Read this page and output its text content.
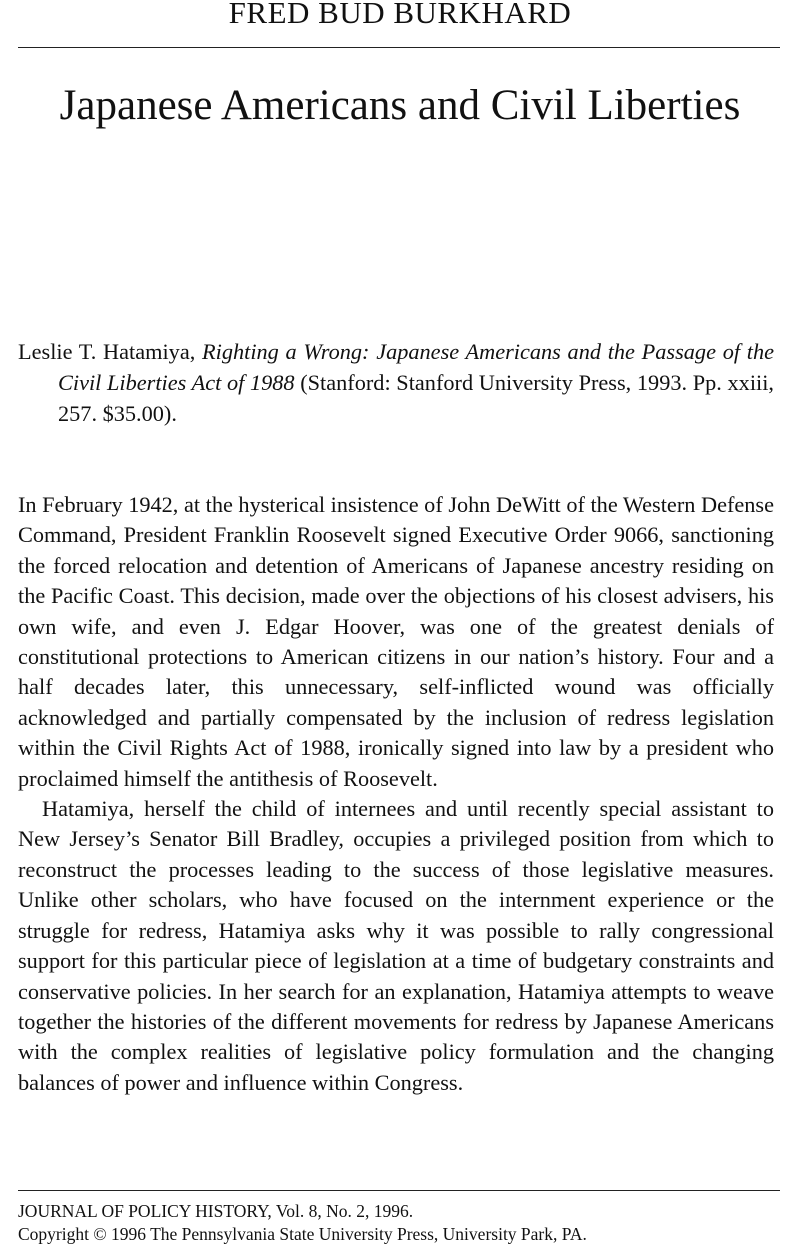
FRED BUD BURKHARD
Japanese Americans and Civil Liberties
Leslie T. Hatamiya, Righting a Wrong: Japanese Americans and the Passage of the Civil Liberties Act of 1988 (Stanford: Stanford University Press, 1993. Pp. xxiii, 257. $35.00).

In February 1942, at the hysterical insistence of John DeWitt of the Western Defense Command, President Franklin Roosevelt signed Executive Order 9066, sanctioning the forced relocation and detention of Americans of Japanese ancestry residing on the Pacific Coast. This decision, made over the objections of his closest advisers, his own wife, and even J. Edgar Hoover, was one of the greatest denials of constitutional protections to American citizens in our nation’s history. Four and a half decades later, this unnecessary, self-inflicted wound was officially acknowledged and partially compensated by the inclusion of redress legislation within the Civil Rights Act of 1988, ironically signed into law by a president who proclaimed himself the antithesis of Roosevelt.

Hatamiya, herself the child of internees and until recently special assistant to New Jersey’s Senator Bill Bradley, occupies a privileged position from which to reconstruct the processes leading to the success of those legislative measures. Unlike other scholars, who have focused on the internment experience or the struggle for redress, Hatamiya asks why it was possible to rally congressional support for this particular piece of legislation at a time of budgetary constraints and conservative policies. In her search for an explanation, Hatamiya attempts to weave together the histories of the different movements for redress by Japanese Americans with the complex realities of legislative policy formulation and the changing balances of power and influence within Congress.

JOURNAL OF POLICY HISTORY, Vol. 8, No. 2, 1996.
Copyright © 1996 The Pennsylvania State University Press, University Park, PA.
